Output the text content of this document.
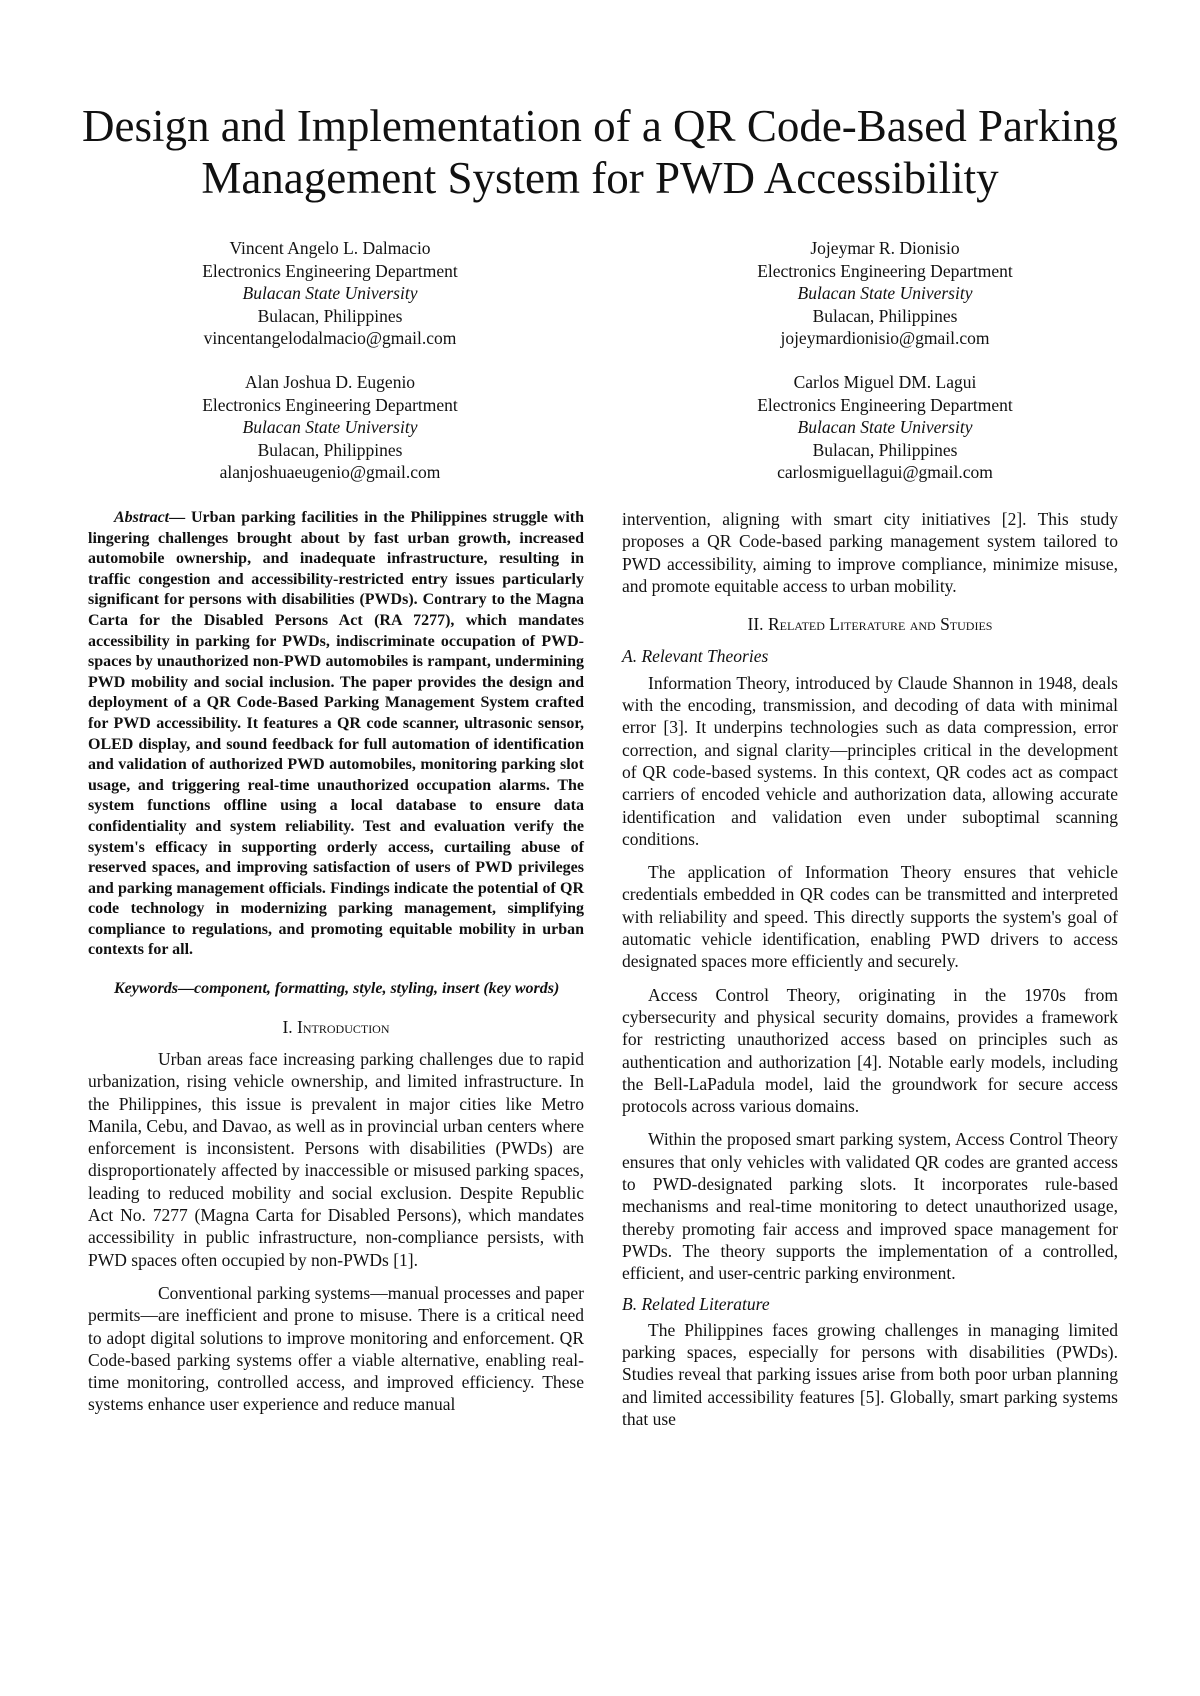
Design and Implementation of a QR Code-Based Parking Management System for PWD Accessibility
Vincent Angelo L. Dalmacio
Electronics Engineering Department
Bulacan State University
Bulacan, Philippines
vincentangelodalmacio@gmail.com
Jojeymar R. Dionisio
Electronics Engineering Department
Bulacan State University
Bulacan, Philippines
jojeymardionisio@gmail.com
Alan Joshua D. Eugenio
Electronics Engineering Department
Bulacan State University
Bulacan, Philippines
alanjoshuaeugenio@gmail.com
Carlos Miguel DM. Lagui
Electronics Engineering Department
Bulacan State University
Bulacan, Philippines
carlosmiguellagui@gmail.com

Abstract— Urban parking facilities in the Philippines struggle with lingering challenges brought about by fast urban growth, increased automobile ownership, and inadequate infrastructure, resulting in traffic congestion and accessibility-restricted entry issues particularly significant for persons with disabilities (PWDs). Contrary to the Magna Carta for the Disabled Persons Act (RA 7277), which mandates accessibility in parking for PWDs, indiscriminate occupation of PWD-spaces by unauthorized non-PWD automobiles is rampant, undermining PWD mobility and social inclusion. The paper provides the design and deployment of a QR Code-Based Parking Management System crafted for PWD accessibility. It features a QR code scanner, ultrasonic sensor, OLED display, and sound feedback for full automation of identification and validation of authorized PWD automobiles, monitoring parking slot usage, and triggering real-time unauthorized occupation alarms. The system functions offline using a local database to ensure data confidentiality and system reliability. Test and evaluation verify the system's efficacy in supporting orderly access, curtailing abuse of reserved spaces, and improving satisfaction of users of PWD privileges and parking management officials. Findings indicate the potential of QR code technology in modernizing parking management, simplifying compliance to regulations, and promoting equitable mobility in urban contexts for all.

Keywords—component, formatting, style, styling, insert (key words)

I. Introduction

Urban areas face increasing parking challenges due to rapid urbanization, rising vehicle ownership, and limited infrastructure. In the Philippines, this issue is prevalent in major cities like Metro Manila, Cebu, and Davao, as well as in provincial urban centers where enforcement is inconsistent. Persons with disabilities (PWDs) are disproportionately affected by inaccessible or misused parking spaces, leading to reduced mobility and social exclusion. Despite Republic Act No. 7277 (Magna Carta for Disabled Persons), which mandates accessibility in public infrastructure, non-compliance persists, with PWD spaces often occupied by non-PWDs [1].

Conventional parking systems—manual processes and paper permits—are inefficient and prone to misuse. There is a critical need to adopt digital solutions to improve monitoring and enforcement. QR Code-based parking systems offer a viable alternative, enabling real-time monitoring, controlled access, and improved efficiency. These systems enhance user experience and reduce manual

intervention, aligning with smart city initiatives [2]. This study proposes a QR Code-based parking management system tailored to PWD accessibility, aiming to improve compliance, minimize misuse, and promote equitable access to urban mobility.

II. Related Literature and Studies

A. Relevant Theories

Information Theory, introduced by Claude Shannon in 1948, deals with the encoding, transmission, and decoding of data with minimal error [3]. It underpins technologies such as data compression, error correction, and signal clarity—principles critical in the development of QR code-based systems. In this context, QR codes act as compact carriers of encoded vehicle and authorization data, allowing accurate identification and validation even under suboptimal scanning conditions.

The application of Information Theory ensures that vehicle credentials embedded in QR codes can be transmitted and interpreted with reliability and speed. This directly supports the system's goal of automatic vehicle identification, enabling PWD drivers to access designated spaces more efficiently and securely.

Access Control Theory, originating in the 1970s from cybersecurity and physical security domains, provides a framework for restricting unauthorized access based on principles such as authentication and authorization [4]. Notable early models, including the Bell-LaPadula model, laid the groundwork for secure access protocols across various domains.

Within the proposed smart parking system, Access Control Theory ensures that only vehicles with validated QR codes are granted access to PWD-designated parking slots. It incorporates rule-based mechanisms and real-time monitoring to detect unauthorized usage, thereby promoting fair access and improved space management for PWDs. The theory supports the implementation of a controlled, efficient, and user-centric parking environment.

B. Related Literature

The Philippines faces growing challenges in managing limited parking spaces, especially for persons with disabilities (PWDs). Studies reveal that parking issues arise from both poor urban planning and limited accessibility features [5]. Globally, smart parking systems that use
